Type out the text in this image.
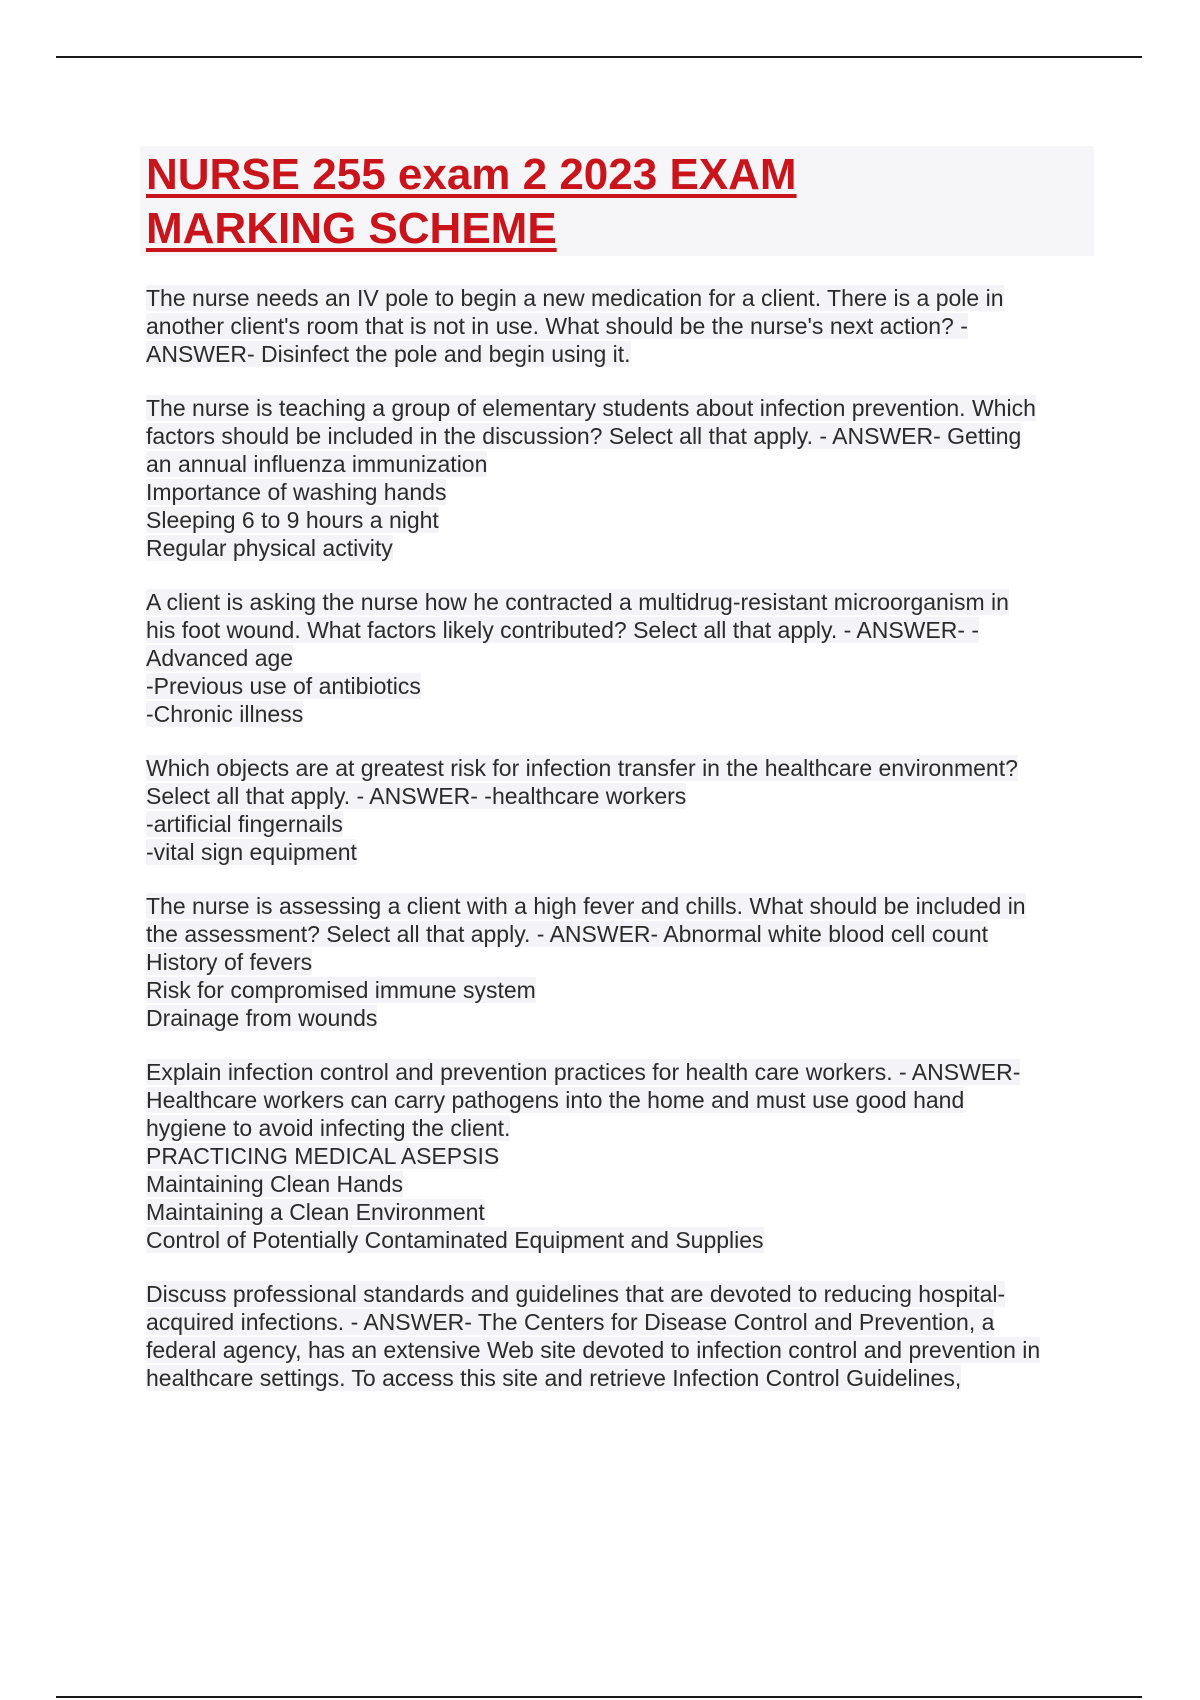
NURSE 255 exam 2 2023 EXAM
MARKING SCHEME
The nurse needs an IV pole to begin a new medication for a client. There is a pole in
another client's room that is not in use. What should be the nurse's next action? -
ANSWER- Disinfect the pole and begin using it.
The nurse is teaching a group of elementary students about infection prevention. Which
factors should be included in the discussion? Select all that apply. - ANSWER- Getting
an annual influenza immunization
Importance of washing hands
Sleeping 6 to 9 hours a night
Regular physical activity
A client is asking the nurse how he contracted a multidrug-resistant microorganism in
his foot wound. What factors likely contributed? Select all that apply. - ANSWER- -
Advanced age
-Previous use of antibiotics
-Chronic illness
Which objects are at greatest risk for infection transfer in the healthcare environment?
Select all that apply. - ANSWER- -healthcare workers
-artificial fingernails
-vital sign equipment
The nurse is assessing a client with a high fever and chills. What should be included in
the assessment? Select all that apply. - ANSWER- Abnormal white blood cell count
History of fevers
Risk for compromised immune system
Drainage from wounds
Explain infection control and prevention practices for health care workers. - ANSWER-
Healthcare workers can carry pathogens into the home and must use good hand
hygiene to avoid infecting the client.
PRACTICING MEDICAL ASEPSIS
Maintaining Clean Hands
Maintaining a Clean Environment
Control of Potentially Contaminated Equipment and Supplies
Discuss professional standards and guidelines that are devoted to reducing hospital-
acquired infections. - ANSWER- The Centers for Disease Control and Prevention, a
federal agency, has an extensive Web site devoted to infection control and prevention in
healthcare settings. To access this site and retrieve Infection Control Guidelines,
